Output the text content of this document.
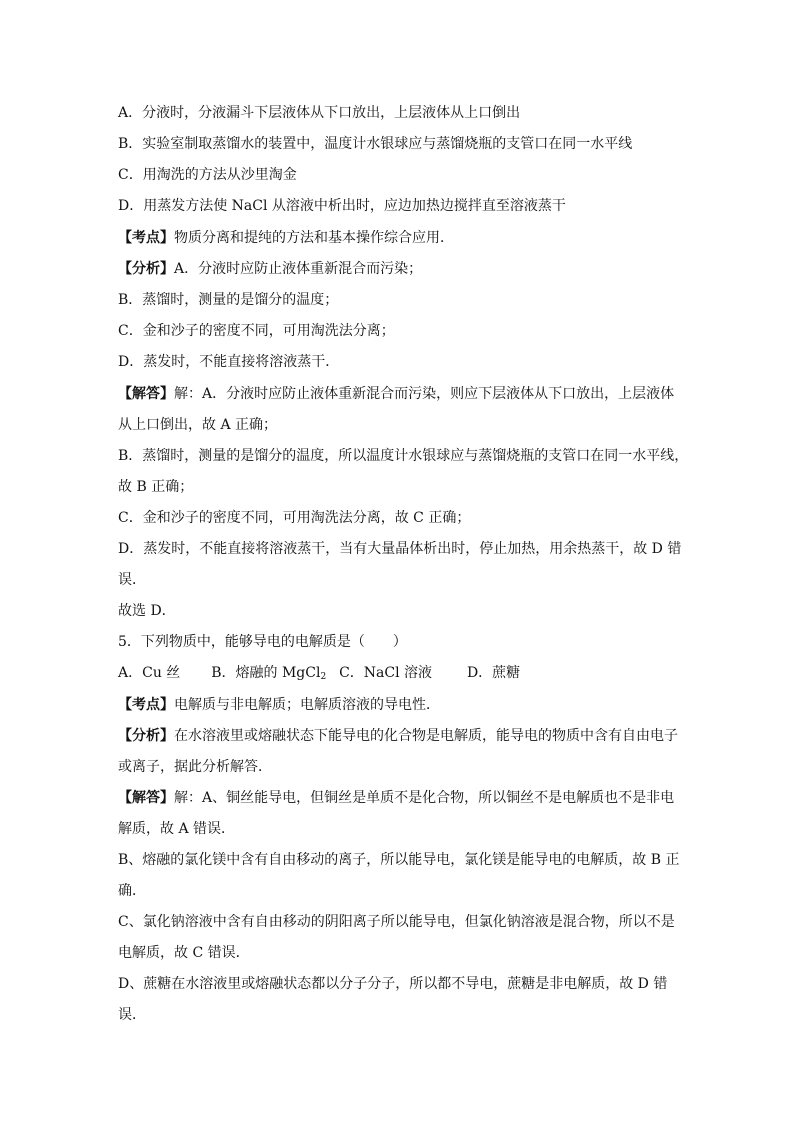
A．分液时，分液漏斗下层液体从下口放出，上层液体从上口倒出
B．实验室制取蒸馏水的装置中，温度计水银球应与蒸馏烧瓶的支管口在同一水平线
C．用淘洗的方法从沙里淘金
D．用蒸发方法使 NaCl 从溶液中析出时，应边加热边搅拌直至溶液蒸干
【考点】物质分离和提纯的方法和基本操作综合应用．
【分析】A．分液时应防止液体重新混合而污染；
B．蒸馏时，测量的是馏分的温度；
C．金和沙子的密度不同，可用淘洗法分离；
D．蒸发时，不能直接将溶液蒸干．
【解答】解：A．分液时应防止液体重新混合而污染，则应下层液体从下口放出，上层液体
从上口倒出，故 A 正确；
B．蒸馏时，测量的是馏分的温度，所以温度计水银球应与蒸馏烧瓶的支管口在同一水平线，
故 B 正确；
C．金和沙子的密度不同，可用淘洗法分离，故 C 正确；
D．蒸发时，不能直接将溶液蒸干，当有大量晶体析出时，停止加热，用余热蒸干，故 D 错
误．
故选 D．
5．下列物质中，能够导电的电解质是（　　）
A．Cu 丝 B．熔融的 MgCl$_2$ C．NaCl 溶液 D．蔗糖
【考点】电解质与非电解质；电解质溶液的导电性．
【分析】在水溶液里或熔融状态下能导电的化合物是电解质，能导电的物质中含有自由电子
或离子，据此分析解答．
【解答】解：A、铜丝能导电，但铜丝是单质不是化合物，所以铜丝不是电解质也不是非电
解质，故 A 错误．
B、熔融的氯化镁中含有自由移动的离子，所以能导电，氯化镁是能导电的电解质，故 B 正
确．
C、氯化钠溶液中含有自由移动的阴阳离子所以能导电，但氯化钠溶液是混合物，所以不是
电解质，故 C 错误．
D、蔗糖在水溶液里或熔融状态都以分子分子，所以都不导电，蔗糖是非电解质，故 D 错
误．
